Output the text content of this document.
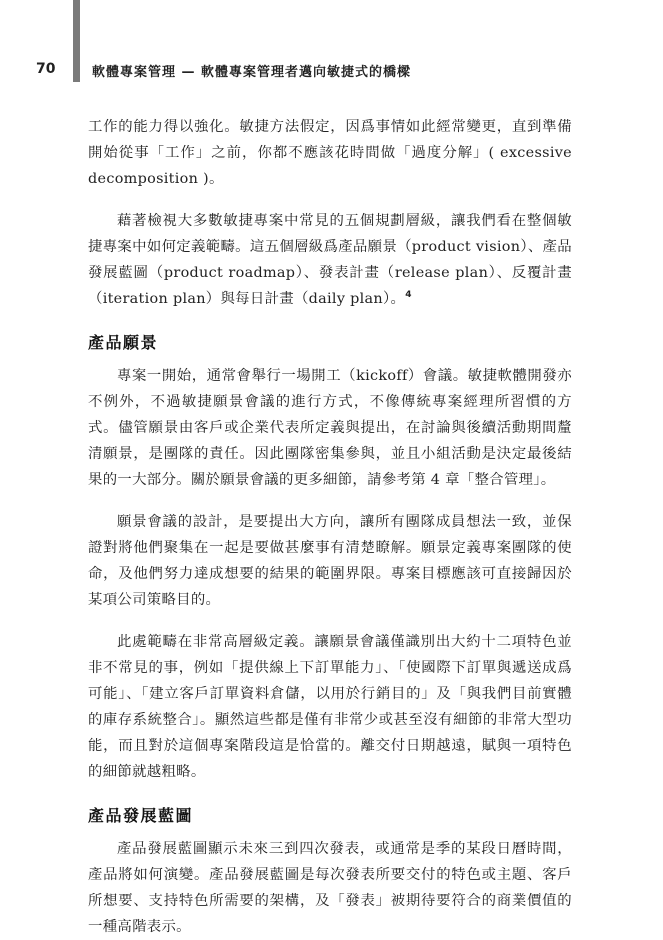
70	軟體專案管理 — 軟體專案管理者邁向敏捷式的橋樑

工作的能力得以強化。敏捷方法假定，因爲事情如此經常變更，直到準備開始從事「工作」之前，你都不應該花時間做「過度分解」( excessive decomposition )。

藉著檢視大多數敏捷專案中常見的五個規劃層級，讓我們看在整個敏捷專案中如何定義範疇。這五個層級爲產品願景（product vision）、產品發展藍圖（product roadmap）、發表計畫（release plan）、反覆計畫（iteration plan）與每日計畫（daily plan）。$^4$

產品願景

專案一開始，通常會舉行一場開工（kickoff）會議。敏捷軟體開發亦不例外，不過敏捷願景會議的進行方式，不像傳統專案經理所習慣的方式。儘管願景由客戶或企業代表所定義與提出，在討論與後續活動期間釐清願景，是團隊的責任。因此團隊密集參與，並且小組活動是決定最後結果的一大部分。關於願景會議的更多細節，請參考第 4 章「整合管理」。

願景會議的設計，是要提出大方向，讓所有團隊成員想法一致，並保證對將他們聚集在一起是要做甚麼事有清楚瞭解。願景定義專案團隊的使命，及他們努力達成想要的結果的範圍界限。專案目標應該可直接歸因於某項公司策略目的。

此處範疇在非常高層級定義。讓願景會議僅識別出大約十二項特色並非不常見的事，例如「提供線上下訂單能力」、「使國際下訂單與遞送成爲可能」、「建立客戶訂單資料倉儲，以用於行銷目的」及「與我們目前實體的庫存系統整合」。顯然這些都是僅有非常少或甚至沒有細節的非常大型功能，而且對於這個專案階段這是恰當的。離交付日期越遠，賦與一項特色的細節就越粗略。

產品發展藍圖

產品發展藍圖顯示未來三到四次發表，或通常是季的某段日曆時間，產品將如何演變。產品發展藍圖是每次發表所要交付的特色或主題、客戶所想要、支持特色所需要的架構，及「發表」被期待要符合的商業價值的一種高階表示。
